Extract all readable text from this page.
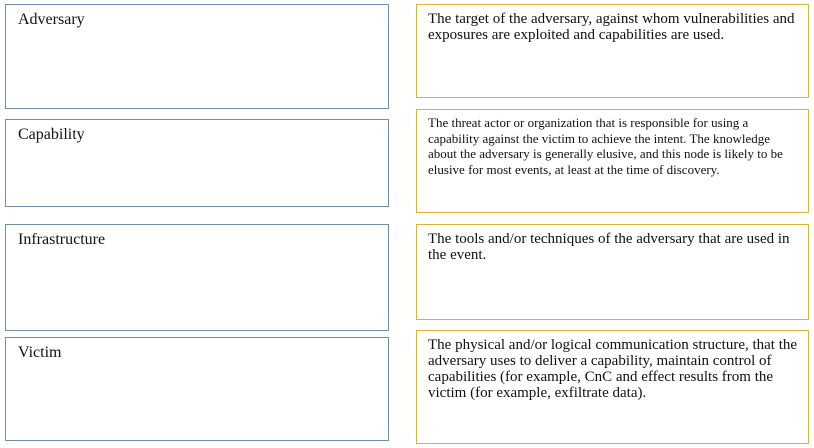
Adversary
Capability
Infrastructure
Victim
The target of the adversary, against whom vulnerabilities and exposures are exploited and capabilities are used.
The threat actor or organization that is responsible for using a capability against the victim to achieve the intent. The knowledge about the adversary is generally elusive, and this node is likely to be elusive for most events, at least at the time of discovery.
The tools and/or techniques of the adversary that are used in the event.
The physical and/or logical communication structure, that the adversary uses to deliver a capability, maintain control of capabilities (for example, CnC and effect results from the victim (for example, exfiltrate data).
